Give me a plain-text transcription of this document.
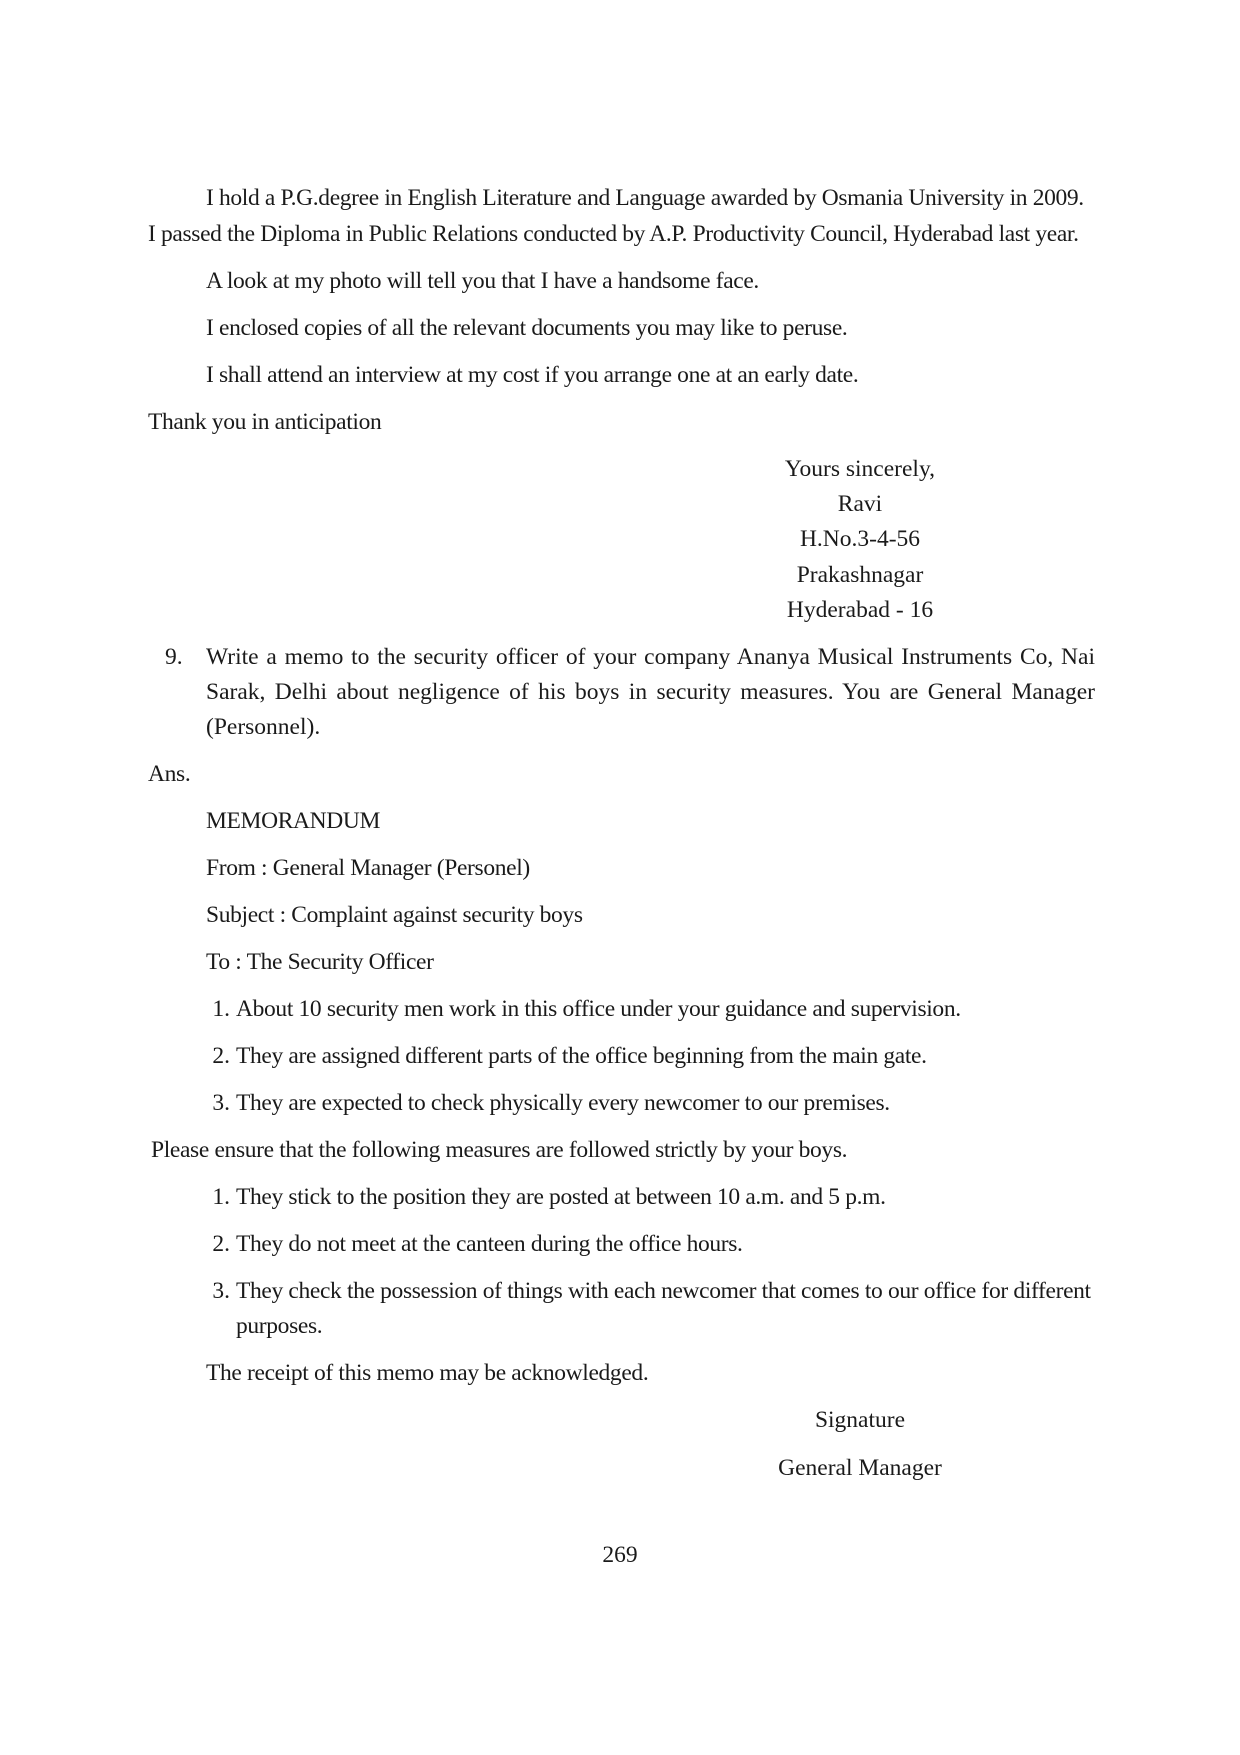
I hold a P.G.degree in English Literature and Language awarded by Osmania University in 2009.
I passed the Diploma in Public Relations conducted by A.P. Productivity Council, Hyderabad last year.
A look at my photo will tell you that I have a handsome face.
I enclosed copies of all the relevant documents you may like to peruse.
I shall attend an interview at my cost if you arrange one at an early date.
Thank you in anticipation
Yours sincerely,
Ravi
H.No.3-4-56
Prakashnagar
Hyderabad - 16
9. Write a memo to the security officer of your company Ananya Musical Instruments Co, Nai
Sarak, Delhi about negligence of his boys in security measures. You are General Manager
(Personnel).
Ans.
MEMORANDUM
From : General Manager (Personel)
Subject : Complaint against security boys
To : The Security Officer
1. About 10 security men work in this office under your guidance and supervision.
2. They are assigned different parts of the office beginning from the main gate.
3. They are expected to check physically every newcomer to our premises.
Please ensure that the following measures are followed strictly by your boys.
1. They stick to the position they are posted at between 10 a.m. and 5 p.m.
2. They do not meet at the canteen during the office hours.
3. They check the possession of things with each newcomer that comes to our office for different
purposes.
The receipt of this memo may be acknowledged.
Signature
General Manager
269
